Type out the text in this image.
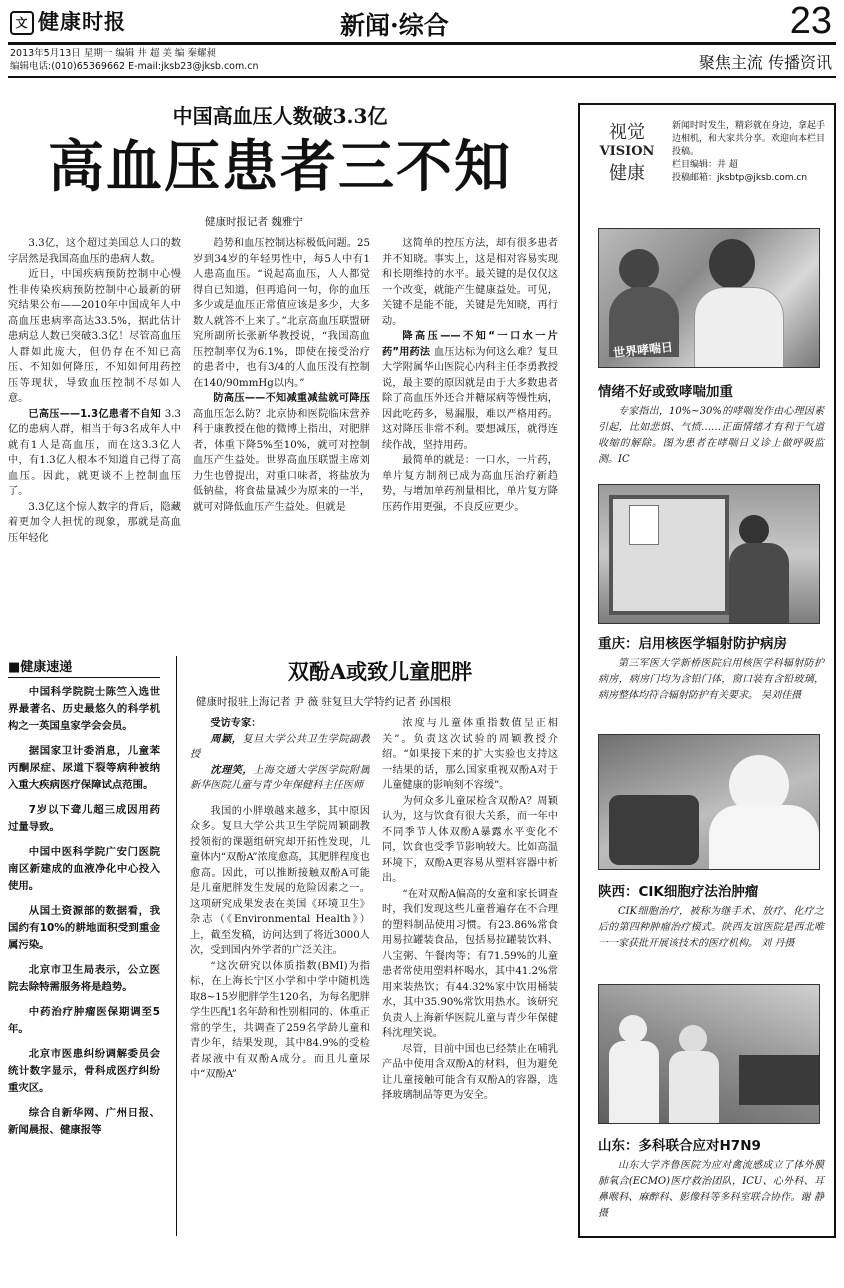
文 健康时报	新闻·综合	23
2013年5月13日 星期一 编辑 井 超 美 编 秦耀昶
编辑电话:(010)65369662 E-mail:jksb23@jksb.com.cn	聚焦主流 传播资讯
中国高血压人数破3.3亿
高血压患者三不知
健康时报记者 魏雅宁

3.3亿，这个超过美国总人口的数字居然是我国高血压的患病人数。

近日，中国疾病预防控制中心慢性非传染疾病预防控制中心最新的研究结果公布——2010年中国成年人中高血压患病率高达33.5%，据此估计患病总人数已突破3.3亿！尽管高血压人群如此庞大，但仍存在不知已高压、不知如何降压，不知如何用药控压等现状，导致血压控制不尽如人意。

已高压——1.3亿患者不自知 3.3亿的患病人群，相当于每3名成年人中就有1人是高血压，而在这3.3亿人中，有1.3亿人根本不知道自己得了高血压。因此，就更谈不上控制血压了。

3.3亿这个惊人数字的背后，隐藏着更加令人担忧的现象，那就是高血压年轻化

趋势和血压控制达标极低问题。25岁到34岁的年轻男性中，每5人中有1人患高血压。“说起高血压，人人都觉得自已知道，但再追问一句，你的血压多少或是血压正常值应该是多少，大多数人就答不上来了。”北京高血压联盟研究所副所长张新华教授说，“我国高血压控制率仅为6.1%，即使在接受治疗的患者中，也有3/4的人血压没有控制在140/90mmHg以内。”

防高压——不知减重减盐就可降压 高血压怎么防？北京协和医院临床营养科于康教授在他的微博上指出，对肥胖者，体重下降5%至10%，就可对控制血压产生益处。世界高血压联盟主席刘力生也曾提出，对重口味者，将盐放为低钠盐，将食盐量减少为原来的一半，就可对降低血压产生益处。但就是

这简单的控压方法，却有很多患者并不知晓。事实上，这是相对容易实现和长期维持的水平。最关键的是仅仅这一个改变，就能产生健康益处。可见，关键不是能不能，关键是先知晓，再行动。

降高压——不知“一口水一片药”用药法 血压达标为何这么难？复旦大学附属华山医院心内科主任李勇教授说，最主要的原因就是由于大多数患者除了高血压外还合并糖尿病等慢性病，因此吃药多，易漏服，难以严格用药。这对降压非常不利。要想减压，就得连续作战，坚持用药。

最简单的就是：一口水，一片药，单片复方制剂已成为高血压治疗新趋势，与增加单药剂量相比，单片复方降压药作用更强，不良反应更少。

■健康速递
中国科学院院士陈竺入选世界最著名、历史最悠久的科学机构之一英国皇家学会会员。
据国家卫计委消息，儿童苯丙酮尿症、尿道下裂等病种被纳入重大疾病医疗保障试点范围。
7岁以下聋儿超三成因用药过量导致。
中国中医科学院广安门医院南区新建成的血液净化中心投入使用。
从国土资源部的数据看，我国约有10%的耕地面积受到重金属污染。
北京市卫生局表示，公立医院去除特需服务将是趋势。
中药治疗肿瘤医保期调至5年。
北京市医患纠纷调解委员会统计数字显示，骨科成医疗纠纷重灾区。
综合自新华网、广州日报、新闻晨报、健康报等
双酚A或致儿童肥胖
健康时报驻上海记者 尹 薇 驻复旦大学特约记者 孙国根

受访专家：

周颖，复旦大学公共卫生学院副教授

沈理笑，上海交通大学医学院附属新华医院儿童与青少年保健科主任医师

我国的小胖墩越来越多，其中原因众多。复旦大学公共卫生学院周颖副教授领衔的课题组研究却开拓性发现，儿童体内“双酚A”浓度愈高，其肥胖程度也愈高。因此，可以推断接触双酚A可能是儿童肥胖发生发展的危险因素之一。这项研究成果发表在美国《环境卫生》杂志（《Environmental Health》）上，截至发稿，访问达到了将近3000人次，受到国内外学者的广泛关注。

“这次研究以体质指数(BMI)为指标，在上海长宁区小学和中学中随机选取8~15岁肥胖学生120名，为每名肥胖学生匹配1名年龄和性别相同的、体重正常的学生，共调查了259名学龄儿童和青少年，结果发现，其中84.9%的受检者尿液中有双酚A成分。而且儿童尿中“双酚A”

浓度与儿童体重指数值呈正相关”。负责这次试验的周颖教授介绍。“如果接下来的扩大实验也支持这一结果的话，那么国家重视双酚A对于儿童健康的影响刻不容缓”。

为何众多儿童尿检含双酚A？周颖认为，这与饮食有很大关系，而一年中不同季节人体双酚A暴露水平变化不同，饮食也受季节影响较大。比如高温环境下，双酚A更容易从塑料容器中析出。

“在对双酚A偏高的女童和家长调查时，我们发现这些儿童普遍存在不合理的塑料制品使用习惯。有23.86%常食用易拉罐装食品，包括易拉罐装饮料、八宝粥、午餐肉等；有71.59%的儿童患者常使用塑料杯喝水，其中41.2%常用来装热饮；有44.32%家中饮用桶装水，其中35.90%常饮用热水。该研究负责人上海新华医院儿童与青少年保健科沈理笑说。

尽管，目前中国也已经禁止在哺乳产品中使用含双酚A的材料，但为避免让儿童接触可能含有双酚A的容器，选择玻璃制品等更为安全。

视觉
VISION
健康
新闻时时发生，精彩就在身边，拿起手边相机，和大家共分享。欢迎向本栏目投稿。
栏目编辑：井 超
投稿邮箱：jksbtp@jksb.com.cn
世界哮喘日
情绪不好或致哮喘加重
专家指出，10%~30%的哮喘发作由心理因素引起，比如悲惧、气愤……正面情绪才有利于气道收缩的解除。图为患者在哮喘日义诊上做呼吸监测。IC
重庆：启用核医学辐射防护病房
第三军医大学新桥医院启用核医学科辐射防护病房，病房门均为含铅门体，窗口装有含铅玻璃，病房整体均符合辐射防护有关要求。 吴刘佳摄
陕西：CIK细胞疗法治肿瘤
CIK细胞治疗，被称为继手术、放疗、化疗之后的第四种肿瘤治疗模式。陕西友谊医院是西北唯一一家获批开展该技术的医疗机构。 刘 丹摄
山东：多科联合应对H7N9
山东大学齐鲁医院为应对禽流感成立了体外膜肺氧合(ECMO)医疗救治团队，ICU、心外科、耳鼻喉科、麻醉科、影像科等多科室联合协作。谢 静摄
